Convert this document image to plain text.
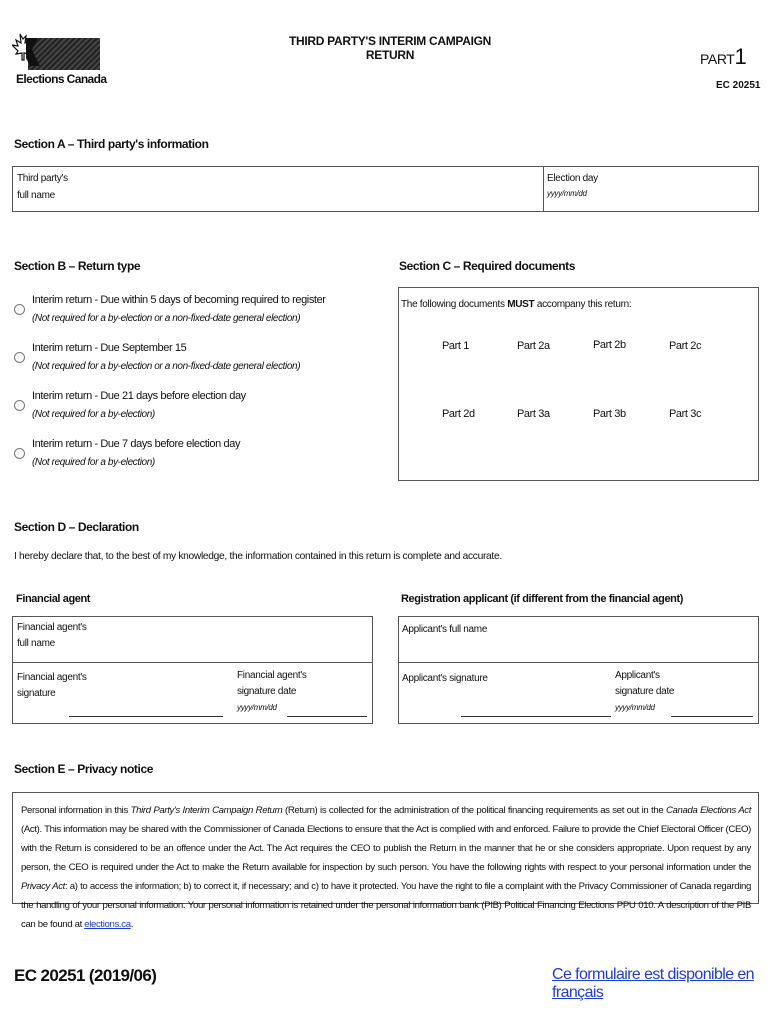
Elections Canada
THIRD PARTY'S INTERIM CAMPAIGN RETURN	PART1
EC 20251
Section A – Third party's information
Third party's
full name
Election day
yyyy/mm/dd
Section B – Return type
Interim return - Due within 5 days of becoming required to register
(Not required for a by-election or a non-fixed-date general election)
Interim return - Due September 15
(Not required for a by-election or a non-fixed-date general election)
Interim return - Due 21 days before election day
(Not required for a by-election)
Interim return - Due 7 days before election day
(Not required for a by-election)
Section C – Required documents
The following documents MUST accompany this return:
Part 1	Part 2a	Part 2b	Part 2c
Part 2d	Part 3a	Part 3b	Part 3c
Section D – Declaration
I hereby declare that, to the best of my knowledge, the information contained in this return is complete and accurate.
Financial agent	Registration applicant (if different from the financial agent)
Financial agent's
full name
Financial agent's
signature
Financial agent's
signature date
yyyy/mm/dd
Applicant's full name
Applicant's signature	Applicant's
signature date
yyyy/mm/dd
Section E – Privacy notice
Personal information in this Third Party's Interim Campaign Return (Return) is collected for the administration of the political financing requirements as set out in the Canada Elections Act (Act). This information may be shared with the Commissioner of Canada Elections to ensure that the Act is complied with and enforced. Failure to provide the Chief Electoral Officer (CEO) with the Return is considered to be an offence under the Act. The Act requires the CEO to publish the Return in the manner that he or she considers appropriate. Upon request by any person, the CEO is required under the Act to make the Return available for inspection by such person. You have the following rights with respect to your personal information under the Privacy Act: a) to access the information; b) to correct it, if necessary; and c) to have it protected. You have the right to file a complaint with the Privacy Commissioner of Canada regarding the handling of your personal information. Your personal information is retained under the personal information bank (PIB) Political Financing Elections PPU 010. A description of the PIB can be found at elections.ca.
EC 20251 (2019/06)	Ce formulaire est disponible en français
